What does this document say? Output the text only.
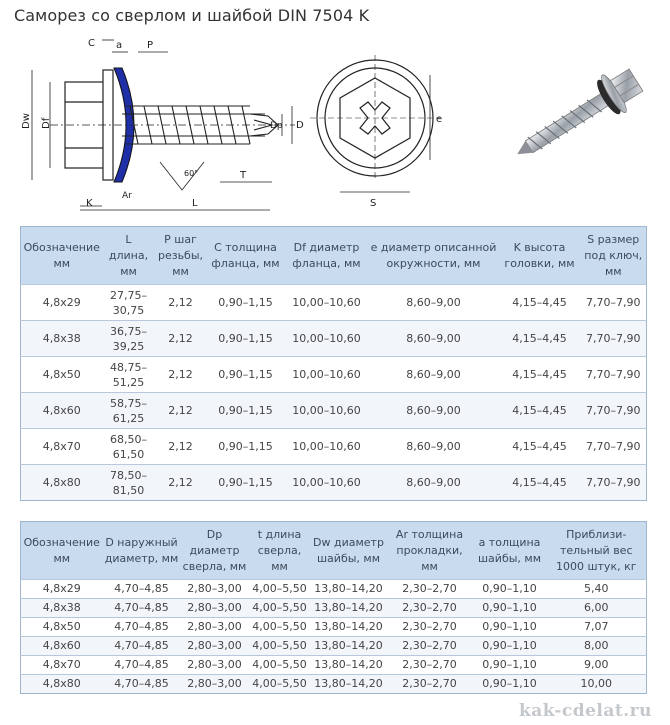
Саморез со сверлом и шайбой DIN 7504 K
C a P
Dw Df	Dp D
Ar
60°	T
K	L
e
S
Обозначение мм	L длина, мм	P шаг резьбы, мм	C толщина фланца, мм	Df диаметр фланца, мм	e диаметр описанной окружности, мм	K высота головки, мм	S размер под ключ, мм
4,8х29	27,75–30,75	2,12	0,90–1,15	10,00–10,60	8,60–9,00	4,15–4,45	7,70–7,90
4,8х38	36,75–39,25	2,12	0,90–1,15	10,00–10,60	8,60–9,00	4,15–4,45	7,70–7,90
4,8х50	48,75–51,25	2,12	0,90–1,15	10,00–10,60	8,60–9,00	4,15–4,45	7,70–7,90
4,8х60	58,75–61,25	2,12	0,90–1,15	10,00–10,60	8,60–9,00	4,15–4,45	7,70–7,90
4,8х70	68,50–61,50	2,12	0,90–1,15	10,00–10,60	8,60–9,00	4,15–4,45	7,70–7,90
4,8х80	78,50–81,50	2,12	0,90–1,15	10,00–10,60	8,60–9,00	4,15–4,45	7,70–7,90
Обозначение мм	D наружный диаметр, мм	Dp диаметр сверла, мм	t длина сверла, мм	Dw диаметр шайбы, мм	Ar толщина прокладки, мм	a толщина шайбы, мм	Приблизи-тельный вес 1000 штук, кг
4,8х29	4,70–4,85	2,80–3,00	4,00–5,50	13,80–14,20	2,30–2,70	0,90–1,10	5,40
4,8х38	4,70–4,85	2,80–3,00	4,00–5,50	13,80–14,20	2,30–2,70	0,90–1,10	6,00
4,8х50	4,70–4,85	2,80–3,00	4,00–5,50	13,80–14,20	2,30–2,70	0,90–1,10	7,07
4,8х60	4,70–4,85	2,80–3,00	4,00–5,50	13,80–14,20	2,30–2,70	0,90–1,10	8,00
4,8х70	4,70–4,85	2,80–3,00	4,00–5,50	13,80–14,20	2,30–2,70	0,90–1,10	9,00
4,8х80	4,70–4,85	2,80–3,00	4,00–5,50	13,80–14,20	2,30–2,70	0,90–1,10	10,00
kak-cdelat.ru
